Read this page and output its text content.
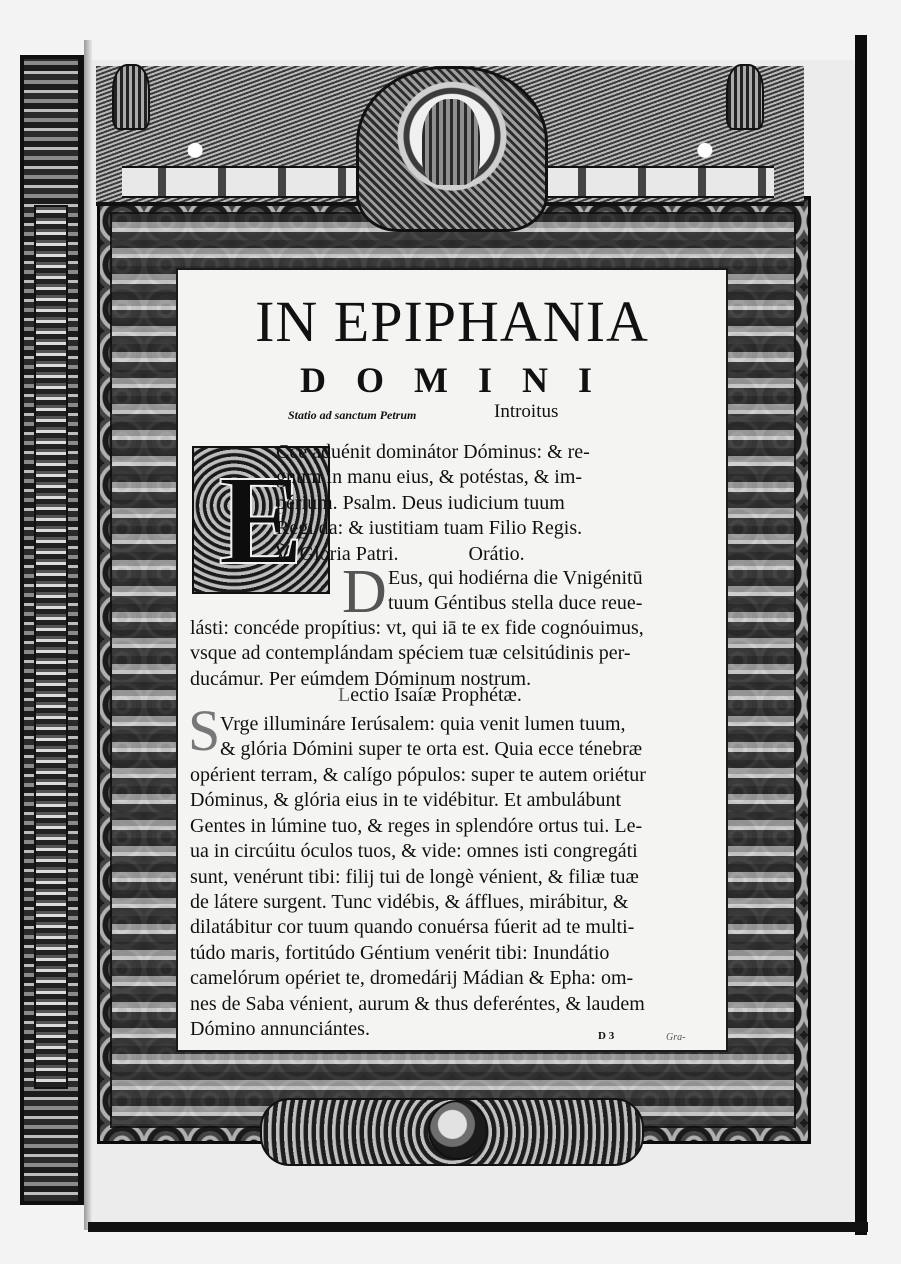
IN EPIPHANIA
DOMINI
Statio ad sanctum Petrum	Introitus
E
Cce aduénit dominátor Dóminus: & re-
gnum in manu eius, & potéstas, & im-
périum. Psalm. Deus iudicium tuum
Regi da: & iustitiam tuam Filio Regis.
℣. Glória Patri.              Orátio.
D Eus, qui hodiérna die Vnigénitū
tuum Géntibus stella duce reue-
lásti: concéde propítius: vt, qui iā te ex fide cognóuimus,
vsque ad contemplándam spéciem tuæ celsitúdinis per-
ducámur. Per eúmdem Dóminum nostrum.
Lectio Isaíæ Prophétæ.
S Vrge illumináre Ierúsalem: quia venit lumen tuum,
& glória Dómini super te orta est. Quia ecce ténebræ
opérient terram, & calígo pópulos: super te autem oriétur
Dóminus, & glória eius in te vidébitur. Et ambulábunt
Gentes in lúmine tuo, & reges in splendóre ortus tui. Le-
ua in circúitu óculos tuos, & vide: omnes isti congregáti
sunt, venérunt tibi: filij tui de longè vénient, & filiæ tuæ
de látere surgent. Tunc vidébis, & áfflues, mirábitur, &
dilatábitur cor tuum quando conuérsa fúerit ad te multi-
túdo maris, fortitúdo Géntium venérit tibi: Inundátio
camelórum opériet te, dromedárij Mádian & Epha: om-
nes de Saba vénient, aurum & thus deferéntes, & laudem
Dómino annunciántes.	D 3	Gra-
